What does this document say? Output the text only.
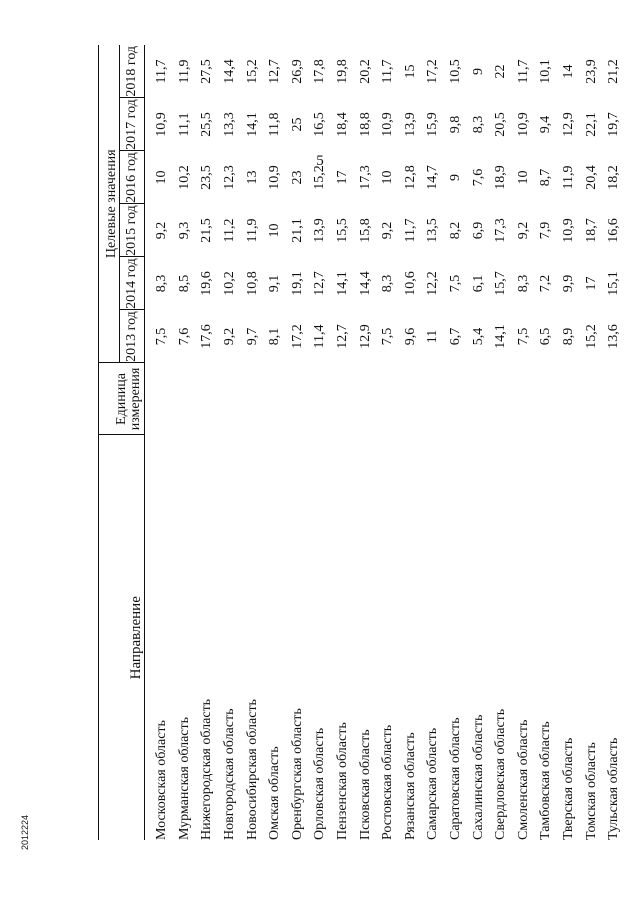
5
2012224
Направление	Единица измерения	Целевые значения					
		2013 год	2014 год	2015 год	2016 год	2017 год	2018 год
Московская область		7,5	8,3	9,2	10	10,9	11,7
Мурманская область		7,6	8,5	9,3	10,2	11,1	11,9
Нижегородская область		17,6	19,6	21,5	23,5	25,5	27,5
Новгородская область		9,2	10,2	11,2	12,3	13,3	14,4
Новосибирская область		9,7	10,8	11,9	13	14,1	15,2
Омская область		8,1	9,1	10	10,9	11,8	12,7
Оренбургская область		17,2	19,1	21,1	23	25	26,9
Орловская область		11,4	12,7	13,9	15,2	16,5	17,8
Пензенская область		12,7	14,1	15,5	17	18,4	19,8
Псковская область		12,9	14,4	15,8	17,3	18,8	20,2
Ростовская область		7,5	8,3	9,2	10	10,9	11,7
Рязанская область		9,6	10,6	11,7	12,8	13,9	15
Самарская область		11	12,2	13,5	14,7	15,9	17,2
Саратовская область		6,7	7,5	8,2	9	9,8	10,5
Сахалинская область		5,4	6,1	6,9	7,6	8,3	9
Свердловская область		14,1	15,7	17,3	18,9	20,5	22
Смоленская область		7,5	8,3	9,2	10	10,9	11,7
Тамбовская область		6,5	7,2	7,9	8,7	9,4	10,1
Тверская область		8,9	9,9	10,9	11,9	12,9	14
Томская область		15,2	17	18,7	20,4	22,1	23,9
Тульская область		13,6	15,1	16,6	18,2	19,7	21,2
